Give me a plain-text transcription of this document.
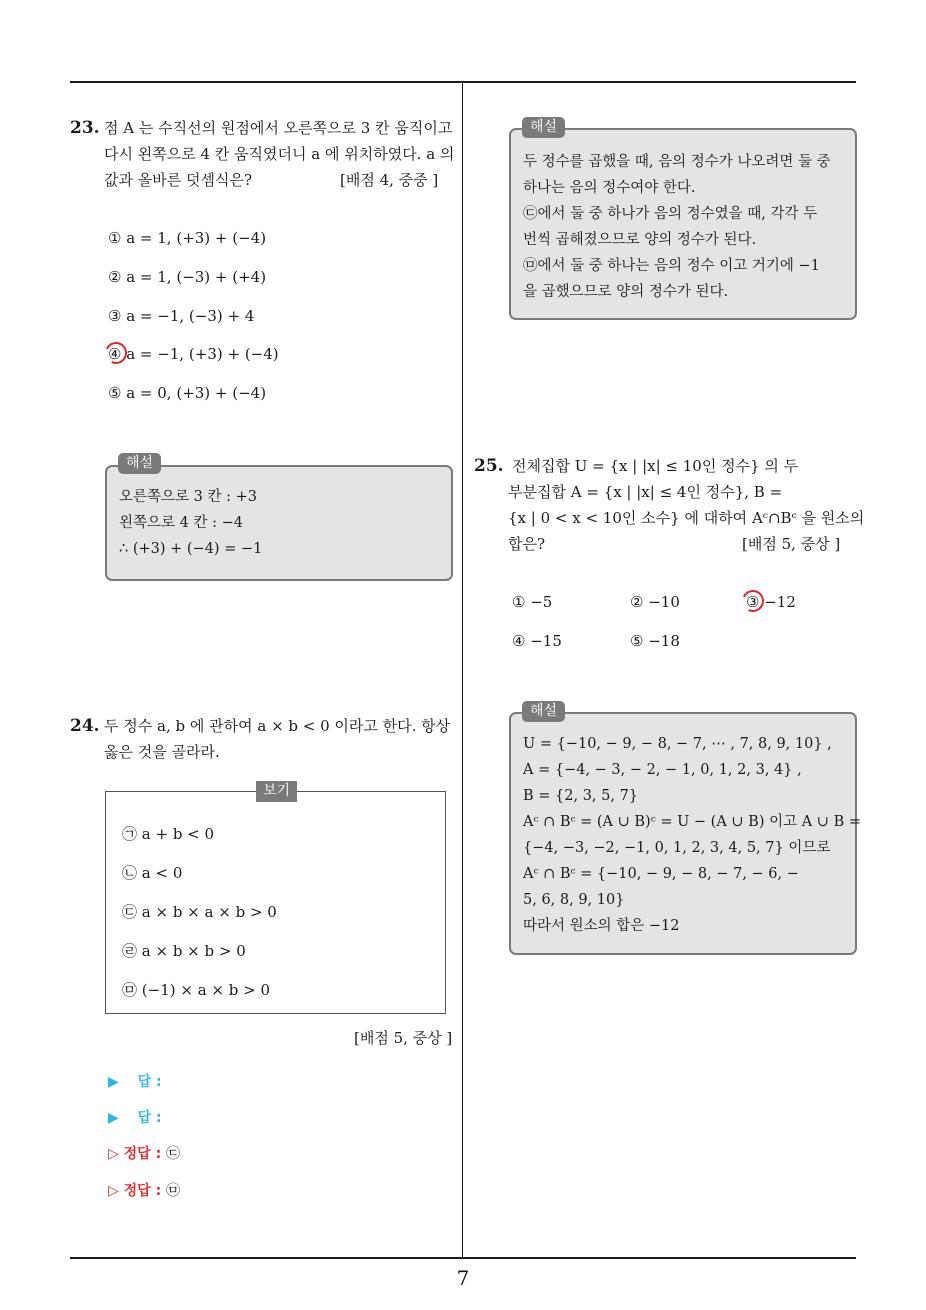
23. 점 A 는 수직선의 원점에서 오른쪽으로 3 칸 움직이고
다시 왼쪽으로 4 칸 움직였더니 a 에 위치하였다. a 의
값과 올바른 덧셈식은?	[배점 4, 중중 ]
① a = 1, (+3) + (−4)
② a = 1, (−3) + (+4)
③ a = −1, (−3) + 4
④ a = −1, (+3) + (−4)
⑤ a = 0, (+3) + (−4)
오른쪽으로 3 칸 : +3
왼쪽으로 4 칸 : −4
∴ (+3) + (−4) = −1
해설
24. 두 정수 a, b 에 관하여 a × b < 0 이라고 한다. 항상
옳은 것을 골라라.
㉠ a + b < 0
㉡ a < 0
㉢ a × b × a × b > 0
㉣ a × b × b > 0
㉤ (−1) × a × b > 0
보기
[배점 5, 중상 ]
▶ 답 :
▶ 답 :
▷ 정답 : ㉢
▷ 정답 : ㉤
두 정수를 곱했을 때, 음의 정수가 나오려면 둘 중
하나는 음의 정수여야 한다.
㉢에서 둘 중 하나가 음의 정수였을 때, 각각 두
번씩 곱해졌으므로 양의 정수가 된다.
㉤에서 둘 중 하나는 음의 정수 이고 거기에 −1
을 곱했으므로 양의 정수가 된다.
해설
25. 전체집합 U = {x | |x| ≤ 10인 정수} 의 두
부분집합 A = {x | |x| ≤ 4인 정수}, B =
{x | 0 < x < 10인 소수} 에 대하여 Aᶜ∩Bᶜ 을 원소의
합은?	[배점 5, 중상 ]
① −5	② −10	③ −12
④ −15	⑤ −18
U = {−10, − 9, − 8, − 7, ⋯ , 7, 8, 9, 10} ,
A = {−4, − 3, − 2, − 1, 0, 1, 2, 3, 4} ,
B = {2, 3, 5, 7}
Aᶜ ∩ Bᶜ = (A ∪ B)ᶜ = U − (A ∪ B) 이고 A ∪ B =
{−4, −3, −2, −1, 0, 1, 2, 3, 4, 5, 7} 이므로
Aᶜ ∩ Bᶜ = {−10, − 9, − 8, − 7, − 6, −
5, 6, 8, 9, 10}
따라서 원소의 합은 −12
해설
7
